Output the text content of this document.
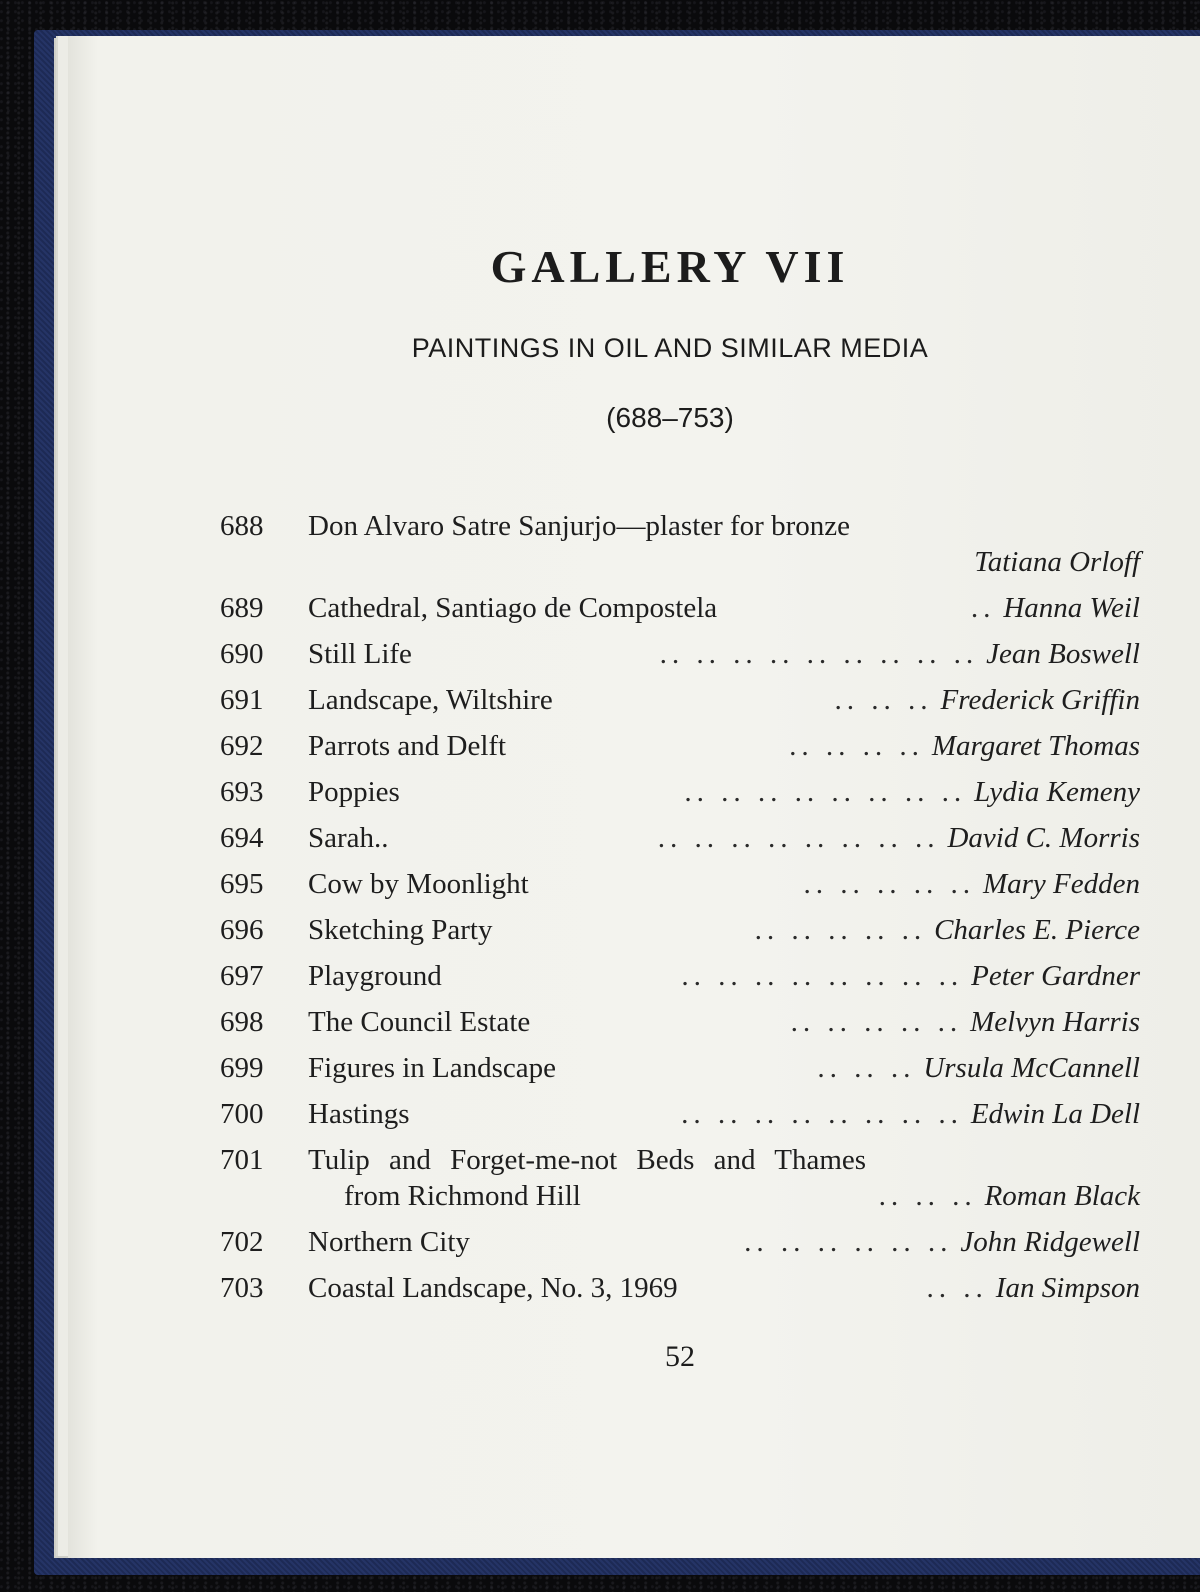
GALLERY VII
PAINTINGS IN OIL AND SIMILAR MEDIA
(688–753)
688 Don Alvaro Satre Sanjurjo—plaster for bronze
Tatiana Orloff
689 Cathedral, Santiago de Compostela	.. Hanna Weil
690 Still Life	.. .. .. .. .. .. .. .. .. Jean Boswell
691 Landscape, Wiltshire	.. .. .. Frederick Griffin
692 Parrots and Delft	.. .. .. .. Margaret Thomas
693 Poppies	.. .. .. .. .. .. .. .. Lydia Kemeny
694 Sarah..	.. .. .. .. .. .. .. .. David C. Morris
695 Cow by Moonlight	.. .. .. .. .. Mary Fedden
696 Sketching Party	.. .. .. .. .. Charles E. Pierce
697 Playground	.. .. .. .. .. .. .. .. Peter Gardner
698 The Council Estate	.. .. .. .. .. Melvyn Harris
699 Figures in Landscape	.. .. .. Ursula McCannell
700 Hastings	.. .. .. .. .. .. .. .. Edwin La Dell
701 Tulip and Forget-me-not Beds and Thames
from Richmond Hill	.. .. .. Roman Black
702 Northern City	.. .. .. .. .. .. John Ridgewell
703 Coastal Landscape, No. 3, 1969	.. .. Ian Simpson
52
